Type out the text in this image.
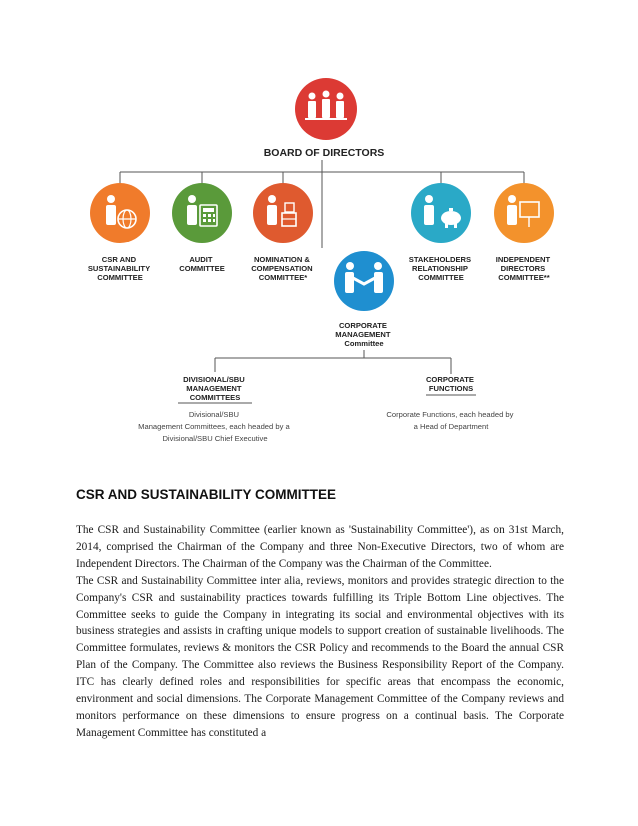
BOARD OF DIRECTORS
CSR AND SUSTAINABILITY COMMITTEE
AUDIT COMMITTEE
NOMINATION & COMPENSATION COMMITTEE*
STAKEHOLDERS RELATIONSHIP COMMITTEE
INDEPENDENT DIRECTORS COMMITTEE**
CORPORATE MANAGEMENT Committee
DIVISIONAL/SBU MANAGEMENT COMMITTEES
Divisional/SBU Management Committees, each headed by a Divisional/SBU Chief Executive
CORPORATE FUNCTIONS
Corporate Functions, each headed by a Head of Department
CSR AND SUSTAINABILITY COMMITTEE

The CSR and Sustainability Committee (earlier known as 'Sustainability Committee'), as on 31st March, 2014, comprised the Chairman of the Company and three Non-Executive Directors, two of whom are Independent Directors. The Chairman of the Company was the Chairman of the Committee.

The CSR and Sustainability Committee inter alia, reviews, monitors and provides strategic direction to the Company's CSR and sustainability practices towards fulfilling its Triple Bottom Line objectives. The Committee seeks to guide the Company in integrating its social and environmental objectives with its business strategies and assists in crafting unique models to support creation of sustainable livelihoods. The Committee formulates, reviews & monitors the CSR Policy and recommends to the Board the annual CSR Plan of the Company. The Committee also reviews the Business Responsibility Report of the Company. ITC has clearly defined roles and responsibilities for specific areas that encompass the economic, environment and social dimensions. The Corporate Management Committee of the Company reviews and monitors performance on these dimensions to ensure progress on a continual basis. The Corporate Management Committee has constituted a
